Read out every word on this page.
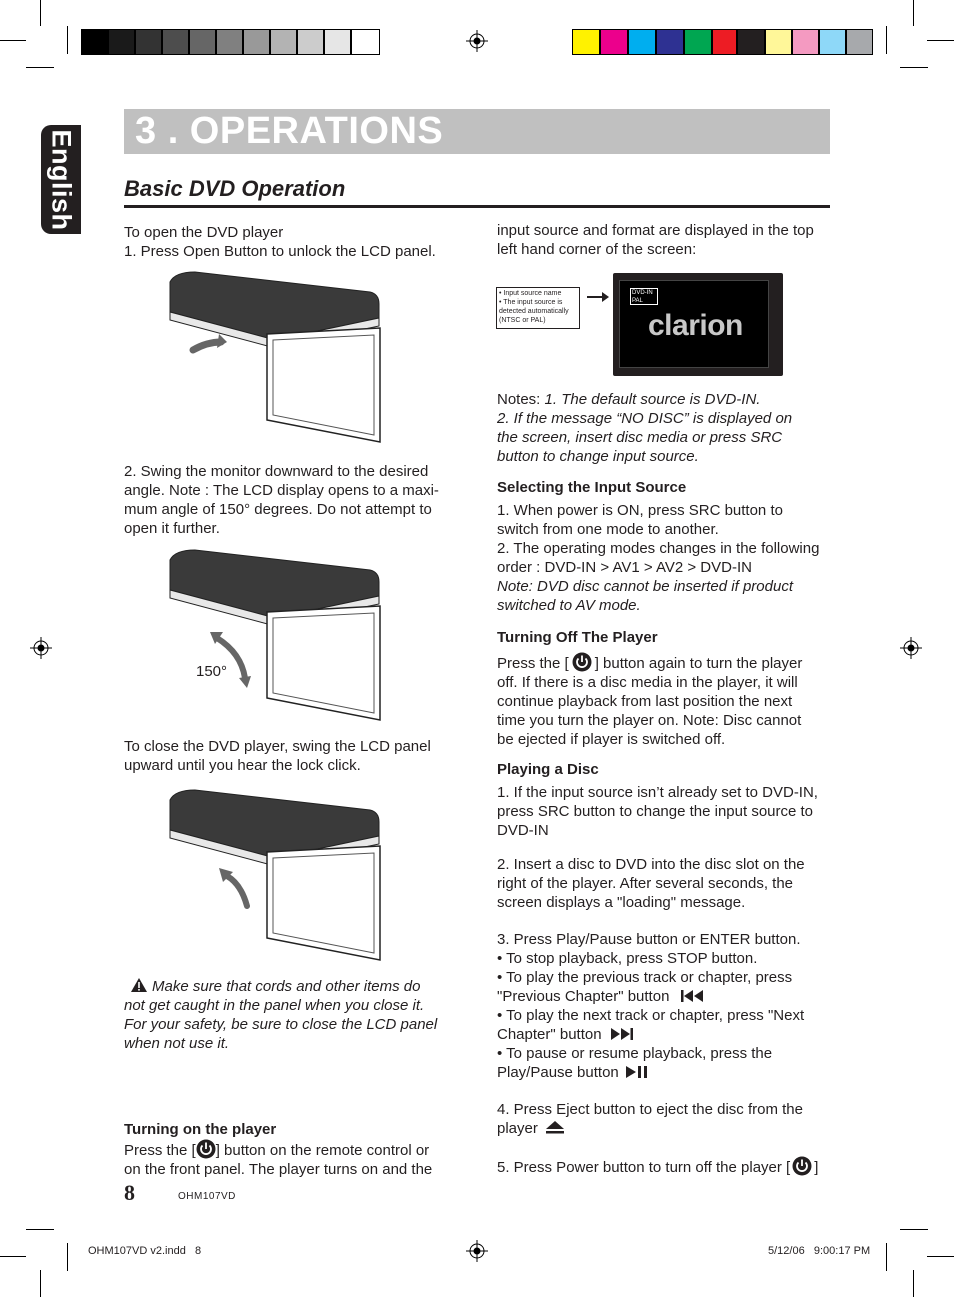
English 3 . OPERATIONS
Basic DVD Operation
To open the DVD player
1. Press Open Button to unlock the LCD panel.
2. Swing the monitor downward to the desired
angle. Note : The LCD display opens to a maxi-
mum angle of 150° degrees. Do not attempt to
open it further.
150°
To close the DVD player, swing the LCD panel
upward until you hear the lock click.
Make sure that cords and other items do
not get caught in the panel when you close it.
For your safety, be sure to close the LCD panel
when not use it.
Turning on the player
Press the [ ] button on the remote control or
on the front panel. The player turns on and the
input source and format are displayed in the top
left hand corner of the screen:
• Input source name
• The input source is
detected automatically
(NTSC or PAL)
DVD-IN
PAL
clarion
Notes: 1. The default source is DVD-IN.
2. If the message “NO DISC” is displayed on
the screen, insert disc media or press SRC
button to change input source.
Selecting the Input Source
1. When power is ON, press SRC button to
switch from one mode to another.
2. The operating modes changes in the following
order : DVD-IN > AV1 > AV2 > DVD-IN
Note: DVD disc cannot be inserted if product
switched to AV mode.
Turning Off The Player
Press the [ ] button again to turn the player
off. If there is a disc media in the player, it will
continue playback from last position the next
time you turn the player on. Note: Disc cannot
be ejected if player is switched off.
Playing a Disc
1. If the input source isn’t already set to DVD-IN,
press SRC button to change the input source to
DVD-IN
2. Insert a disc to DVD into the disc slot on the
right of the player. After several seconds, the
screen displays a "loading" message.
3. Press Play/Pause button or ENTER button.
• To stop playback, press STOP button.
• To play the previous track or chapter, press
"Previous Chapter" button
• To play the next track or chapter, press "Next
Chapter" button
• To pause or resume playback, press the
Play/Pause button
4. Press Eject button to eject the disc from the
player
5. Press Power button to turn off the player [ ]
8	OHM107VD
OHM107VD v2.indd   8	5/12/06   9:00:17 PM
